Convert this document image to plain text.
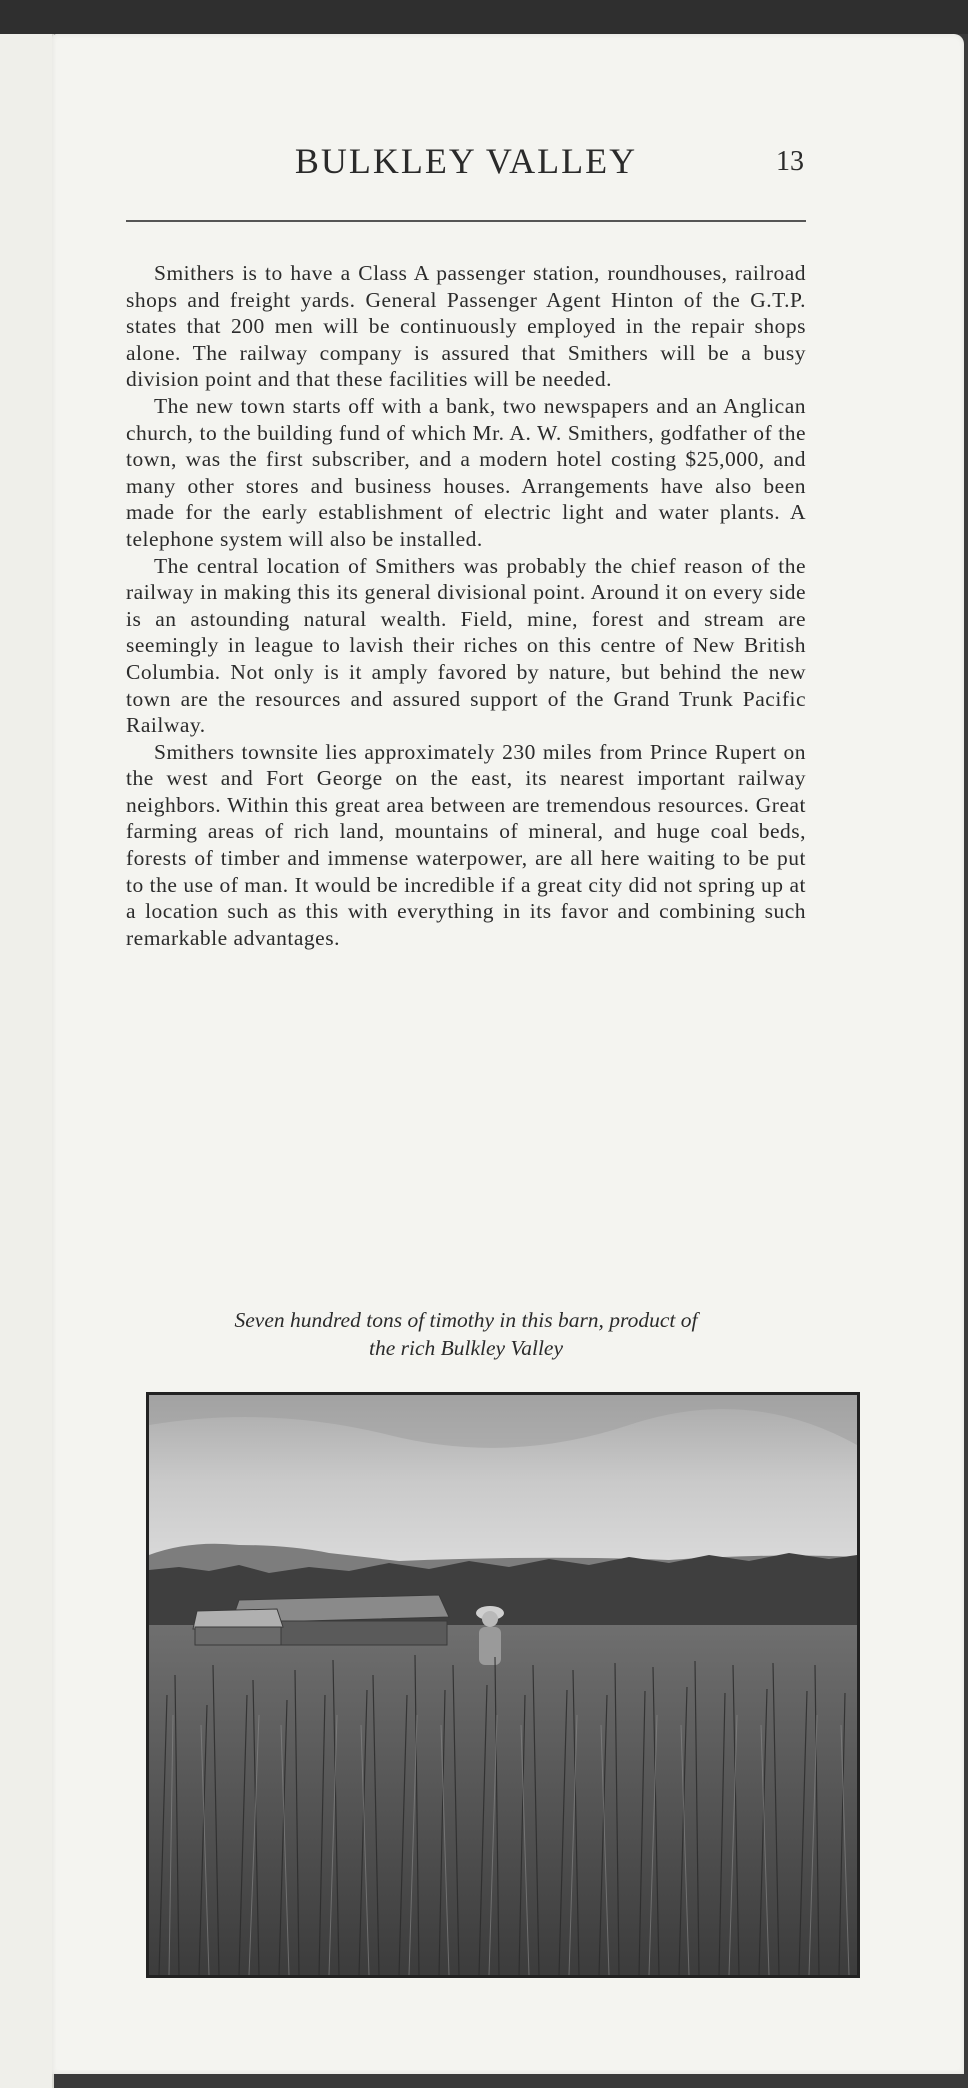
BULKLEY VALLEY	13

Smithers is to have a Class A passenger station, roundhouses, railroad shops and freight yards. General Passenger Agent Hinton of the G.T.P. states that 200 men will be continuously employed in the repair shops alone. The railway company is assured that Smithers will be a busy division point and that these facilities will be needed.

The new town starts off with a bank, two newspapers and an Anglican church, to the building fund of which Mr. A. W. Smithers, godfather of the town, was the first subscriber, and a modern hotel costing $25,000, and many other stores and business houses. Arrangements have also been made for the early establishment of electric light and water plants. A telephone system will also be installed.

The central location of Smithers was probably the chief reason of the railway in making this its general divisional point. Around it on every side is an astounding natural wealth. Field, mine, forest and stream are seemingly in league to lavish their riches on this centre of New British Columbia. Not only is it amply favored by nature, but behind the new town are the resources and assured support of the Grand Trunk Pacific Railway.

Smithers townsite lies approximately 230 miles from Prince Rupert on the west and Fort George on the east, its nearest important railway neighbors. Within this great area between are tremendous resources. Great farming areas of rich land, mountains of mineral, and huge coal beds, forests of timber and immense waterpower, are all here waiting to be put to the use of man. It would be incredible if a great city did not spring up at a location such as this with everything in its favor and combining such remarkable advantages.

Seven hundred tons of timothy in this barn, product of
the rich Bulkley Valley
